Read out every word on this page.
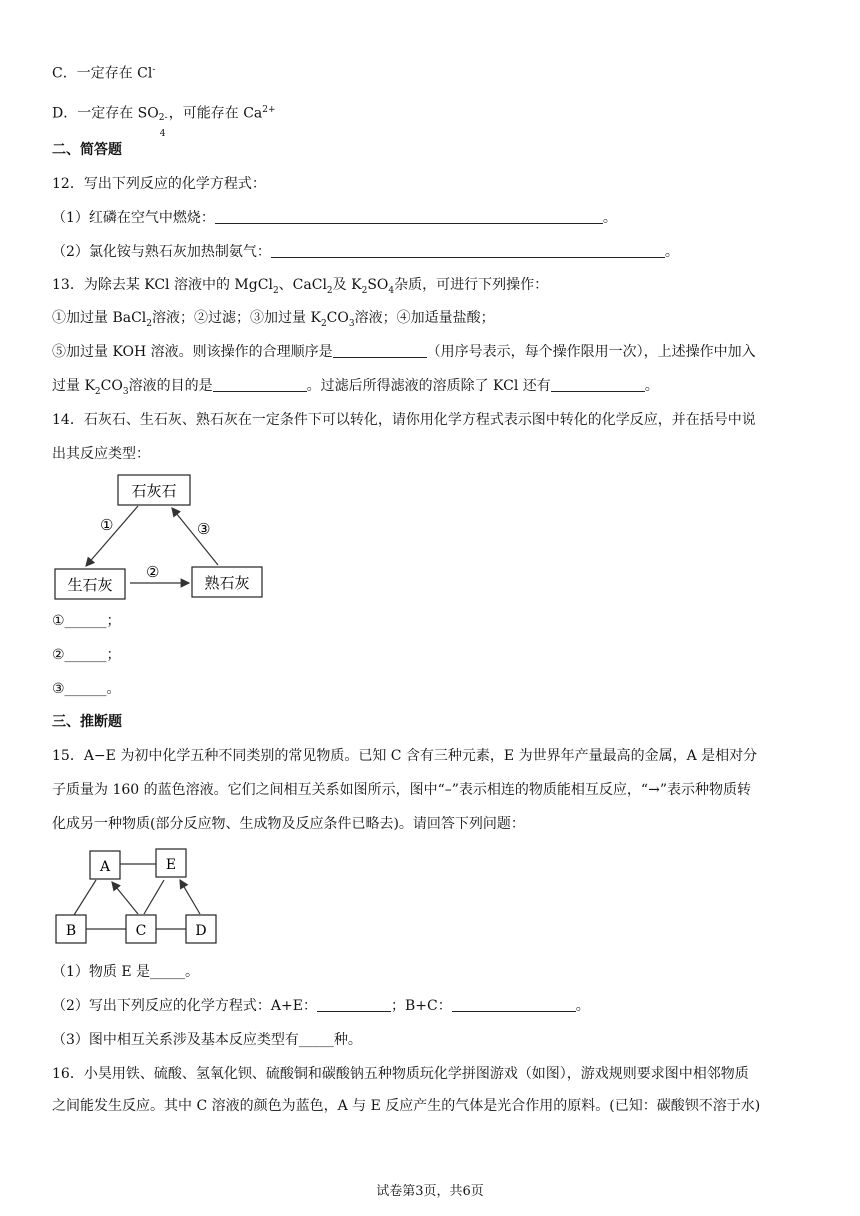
C．一定存在 Cl-
D．一定存在 SO 2-
4
，可能存在 $Ca^{2+}$
二、简答题
12．写出下列反应的化学方程式：
（1）红磷在空气中燃烧：	。
（2）氯化铵与熟石灰加热制氨气：	。
13．为除去某 KCl 溶液中的 MgCl$_2$、CaCl$_2$及 $K_2SO_4$杂质，可进行下列操作：
①加过量 BaCl$_2$溶液；②过滤；③加过量 $K_2CO_3$溶液；④加适量盐酸；
⑤加过量 KOH 溶液。则该操作的合理顺序是	（用序号表示，每个操作限用一次），上述操作中加入
过量 $K_2CO_3$溶液的目的是	。过滤后所得滤液的溶质除了 KCl 还有	。
14．石灰石、生石灰、熟石灰在一定条件下可以转化，请你用化学方程式表示图中转化的化学反应，并在括号中说
出其反应类型：
石灰石
生石灰	熟石灰
①
②
③
①______；
②______；
③______。
三、推断题
15．A−E 为初中化学五种不同类别的常见物质。已知 C 含有三种元素，E 为世界年产量最高的金属，A 是相对分
子质量为 160 的蓝色溶液。它们之间相互关系如图所示，图中“–”表示相连的物质能相互反应，“→”表示种物质转
化成另一种物质(部分反应物、生成物及反应条件已略去)。请回答下列问题：
A	E
B	C	D
（1）物质 E 是_____。
（2）写出下列反应的化学方程式：A+E：	；B+C：	。
（3）图中相互关系涉及基本反应类型有_____种。
16．小昊用铁、硫酸、氢氧化钡、硫酸铜和碳酸钠五种物质玩化学拼图游戏（如图），游戏规则要求图中相邻物质
之间能发生反应。其中 C 溶液的颜色为蓝色，A 与 E 反应产生的气体是光合作用的原料。(已知：碳酸钡不溶于水)
试卷第3页，共6页
